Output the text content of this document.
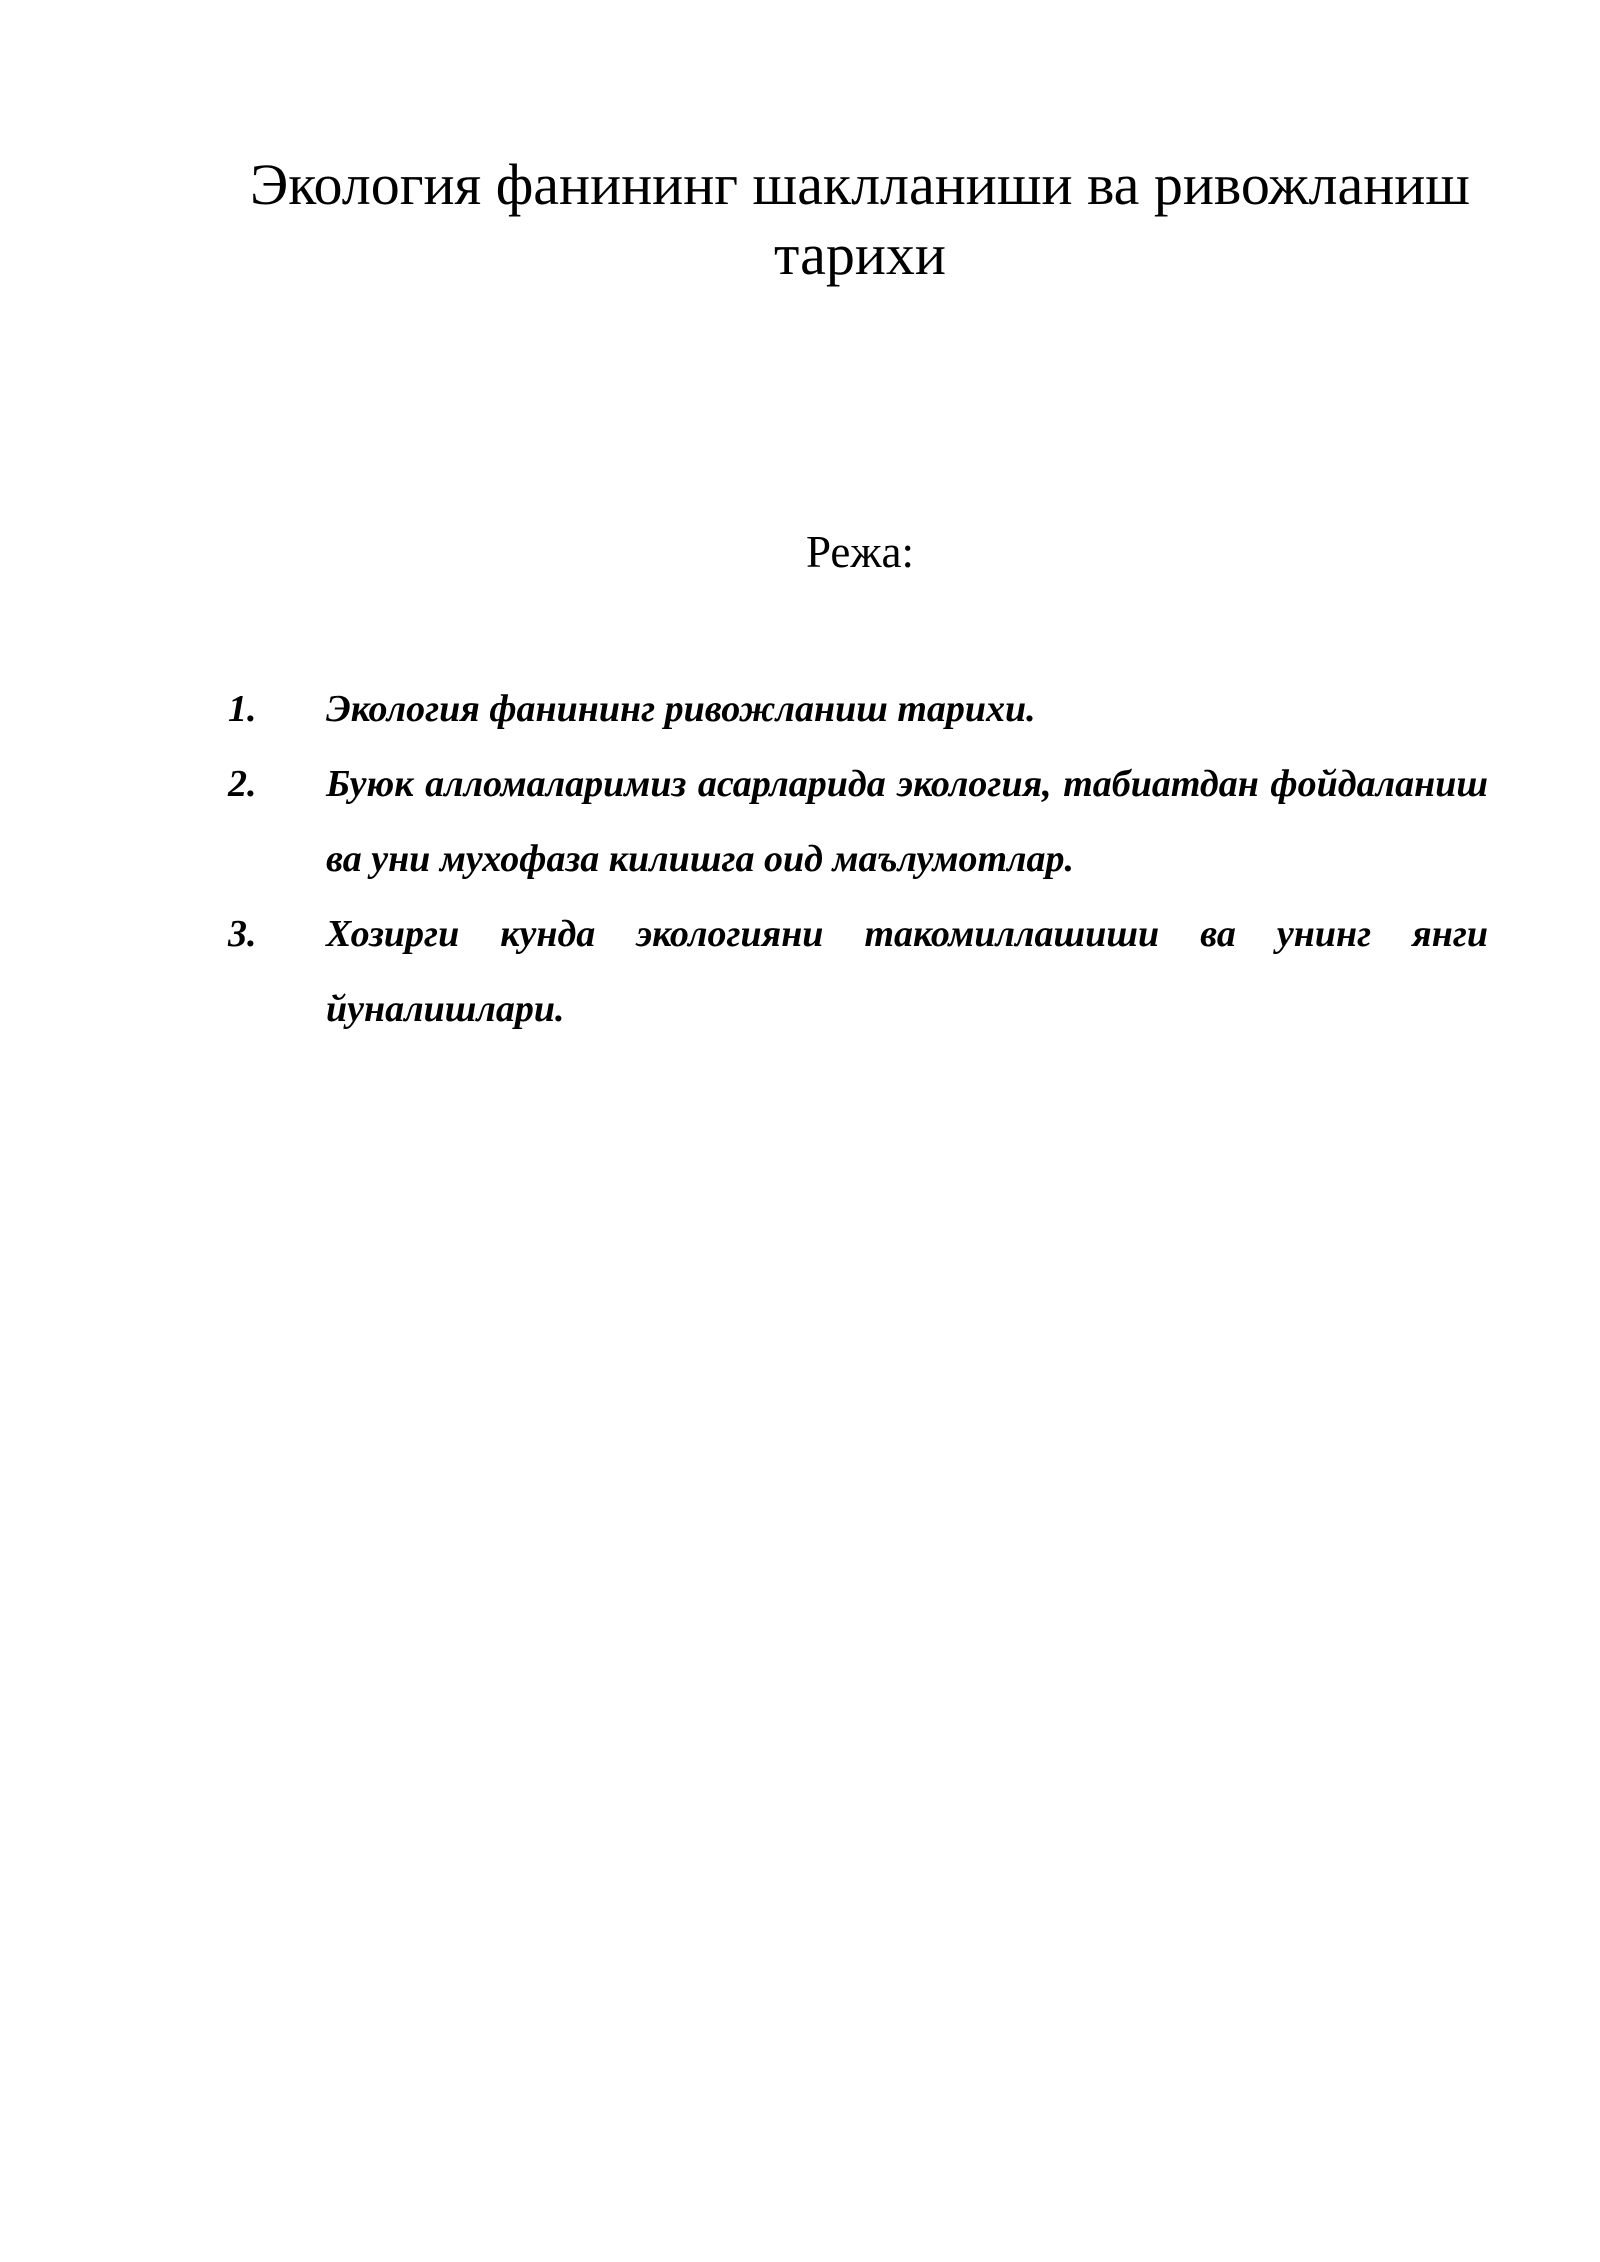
Экология фанининг шаклланиши ва ривожланиш тарихи
Режа:
1. Экология фанининг ривожланиш тарихи.
2. Буюк алломаларимиз асарларида экология, табиатдан фойдаланиш ва уни мухофаза килишга оид маълумотлар.
3. Хозирги кунда экологияни такомиллашиши ва унинг янги йуналишлари.
